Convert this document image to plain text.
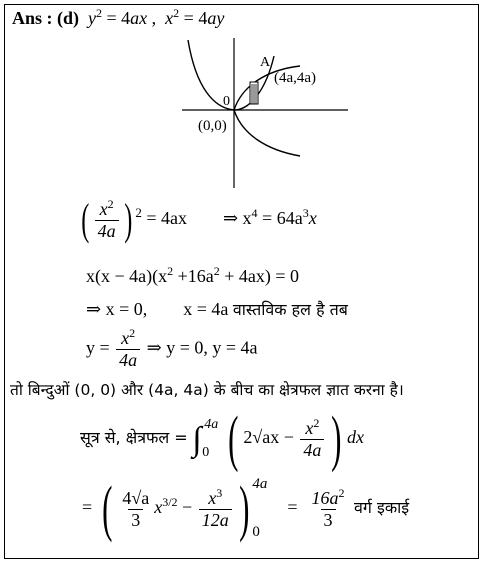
Ans : (d) $y^2 = 4ax$ ,  $x^2 = 4ay$
A
(4a,4a)
0
(0,0)
( $\frac{x^2}{4a}$ ) $^2$ = 4ax ⇒ $x^4 = 64a^3x$
$x(x - 4a)(x^2 +16a^2 + 4ax) = 0$
⇒ x = 0, x = 4a वास्तविक हल है तब
$y = \frac{x^2}{4a}$ ⇒ y = 0, y = 4a
तो बिन्दुओं (0, 0) और (4a, 4a) के बीच का क्षेत्रफल ज्ञात करना है।
सूत्र से, क्षेत्रफल = ∫ 4a
0 ( $2√ax - \frac{x^2}{4a}$ ) dx
= ( $\frac{4√a}{3} x^{3/2} - \frac{x^3}{12a}$ ) 4a
0
= $\frac{16a^2}{3}$ वर्ग इकाई
